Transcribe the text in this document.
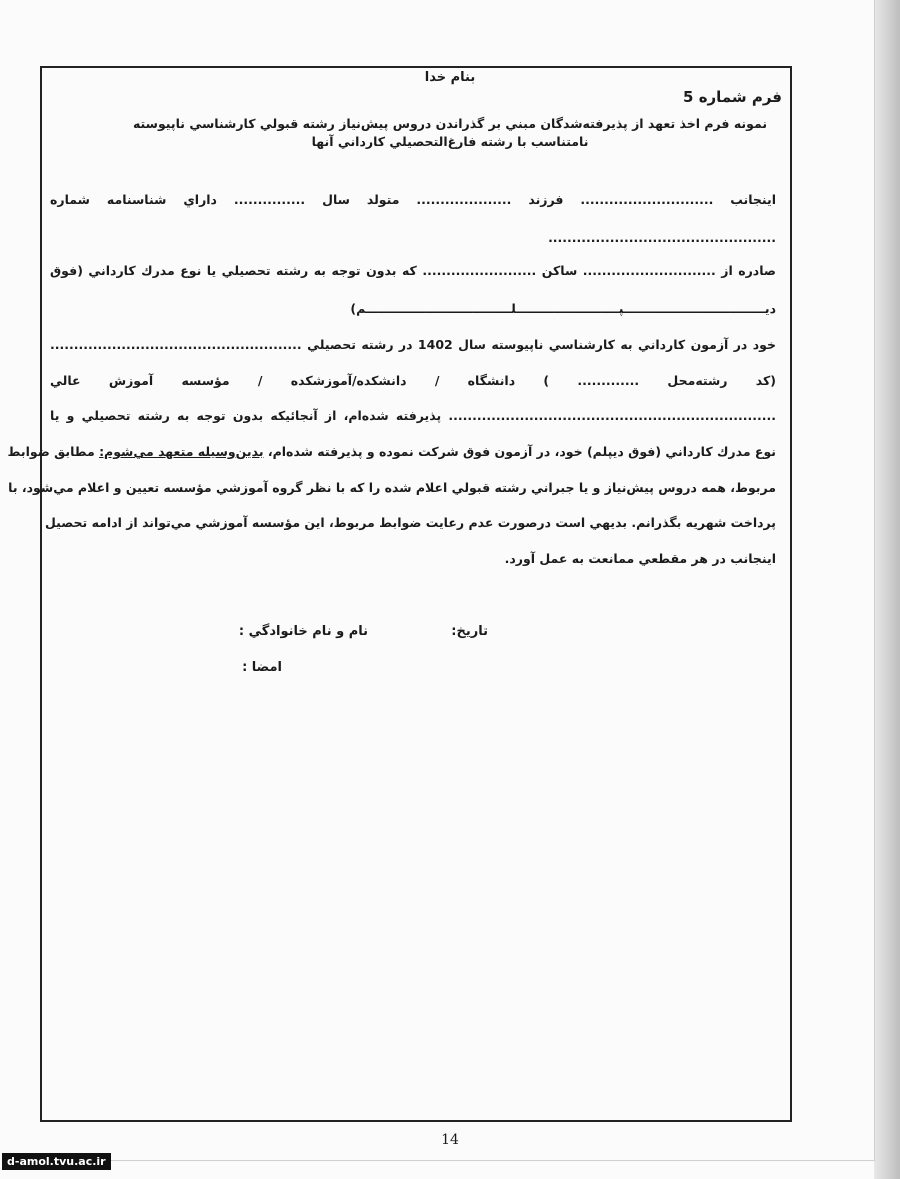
بنام خدا
فرم شماره 5
نمونه فرم اخذ تعهد از پذيرفته‌شدگان مبني بر گذراندن دروس پيش‌نياز رشته قبولي كارشناسي ناپيوسته
نامتناسب با رشته فارغ‌التحصيلي كارداني آنها
اينجانب ............................ فرزند .................... متولد سال ............... داراي شناسنامه شماره
................................................
صادره از ............................ ساكن ........................ كه بدون توجه به رشته تحصيلي يا نوع مدرك كارداني (فوق
ديـــــــــــــــــــــــــــــــــپــــــــــــــــــــــــلــــــــــــــــــــــــــــــــــم)
خود در آزمون كارداني به كارشناسي ناپيوسته سال 1402 در رشته تحصيلي .....................................................
(كد رشته‌محل ............. ) دانشگاه / دانشكده/آموزشكده / مؤسسه آموزش عالي
..................................................................... پذيرفته شده‌ام، از آنجائيكه بدون توجه به رشته تحصيلي و يا
نوع مدرك كارداني (فوق ديپلم) خود، در آزمون فوق شركت نموده و پذيرفته شده‌ام، بدين‌وسيله متعهد مي‌شوم: مطابق ضوابط
مربوط، همه دروس پيش‌نياز و يا جبراني رشته قبولي اعلام شده را كه با نظر گروه آموزشي مؤسسه تعيين و اعلام مي‌شود، با
پرداخت شهريه بگذرانم. بديهي است درصورت عدم رعايت ضوابط مربوط، اين مؤسسه آموزشي مي‌تواند از ادامه تحصيل
اينجانب در هر مقطعي ممانعت به عمل آورد.
تاريخ:
نام و نام خانوادگي :
امضا :
14
d-amol.tvu.ac.ir
